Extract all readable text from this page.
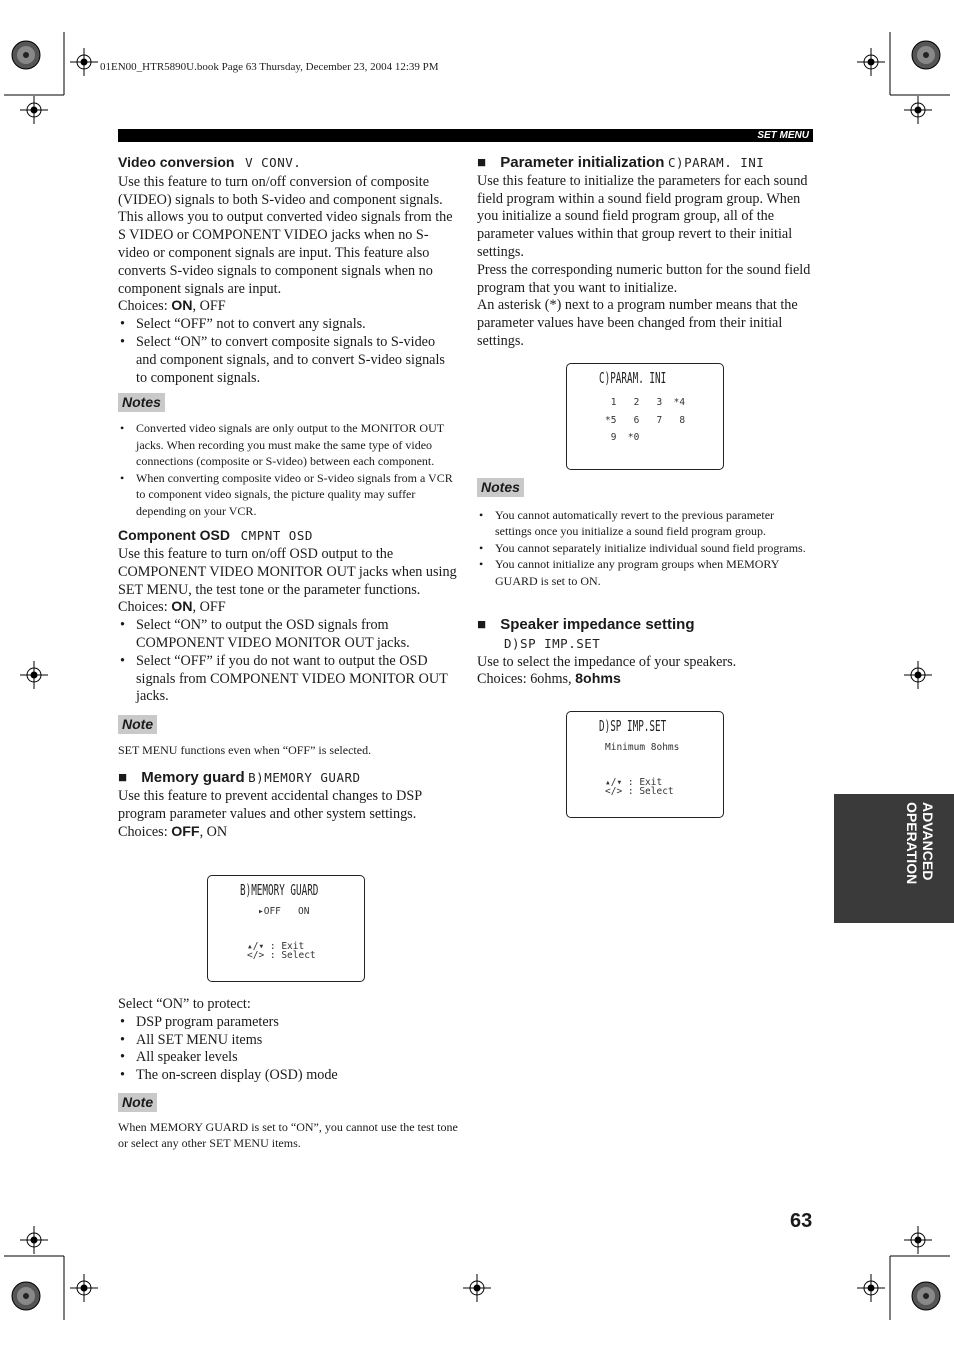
01EN00_HTR5890U.book Page 63 Thursday, December 23, 2004 12:39 PM
SET MENU
Video conversion V CONV.

Use this feature to turn on/off conversion of composite (VIDEO) signals to both S-video and component signals. This allows you to output converted video signals from the S VIDEO or COMPONENT VIDEO jacks when no S-video or component signals are input. This feature also converts S-video signals to component signals when no component signals are input.

Choices: ON, OFF
• Select “OFF” not to convert any signals.
• Select “ON” to convert composite signals to S-video and component signals, and to convert S-video signals to component signals.
Notes
• Converted video signals are only output to the MONITOR OUT jacks. When recording you must make the same type of video connections (composite or S-video) between each component.
• When converting composite video or S-video signals from a VCR to component video signals, the picture quality may suffer depending on your VCR.
Component OSD CMPNT OSD

Use this feature to turn on/off OSD output to the COMPONENT VIDEO MONITOR OUT jacks when using SET MENU, the test tone or the parameter functions.

Choices: ON, OFF
• Select “ON” to output the OSD signals from COMPONENT VIDEO MONITOR OUT jacks.
• Select “OFF” if you do not want to output the OSD signals from COMPONENT VIDEO MONITOR OUT jacks.
Note
SET MENU functions even when “OFF” is selected.
■ Memory guard B)MEMORY GUARD

Use this feature to prevent accidental changes to DSP program parameter values and other system settings.

Choices: OFF, ON
B)MEMORY GUARD
▸OFF   ON
▴/▾ : Exit
</> : Select
Select “ON” to protect:
• DSP program parameters
• All SET MENU items
• All speaker levels
• The on-screen display (OSD) mode
Note
When MEMORY GUARD is set to “ON”, you cannot use the test tone or select any other SET MENU items.
■ Parameter initialization C)PARAM. INI

Use this feature to initialize the parameters for each sound field program within a sound field program group. When you initialize a sound field program group, all of the parameter values within that group revert to their initial settings.

Press the corresponding numeric button for the sound field program that you want to initialize.

An asterisk (*) next to a program number means that the parameter values have been changed from their initial settings.

C)PARAM. INI
1   2   3  *4
*5   6   7   8
9  *0
Notes
• You cannot automatically revert to the previous parameter settings once you initialize a sound field program group.
• You cannot separately initialize individual sound field programs.
• You cannot initialize any program groups when MEMORY GUARD is set to ON.
■ Speaker impedance setting
D)SP IMP.SET

Use to select the impedance of your speakers.

Choices: 6ohms, 8ohms
D)SP IMP.SET
Minimum 8ohms
▴/▾ : Exit
</> : Select
ADVANCED OPERATION
63
